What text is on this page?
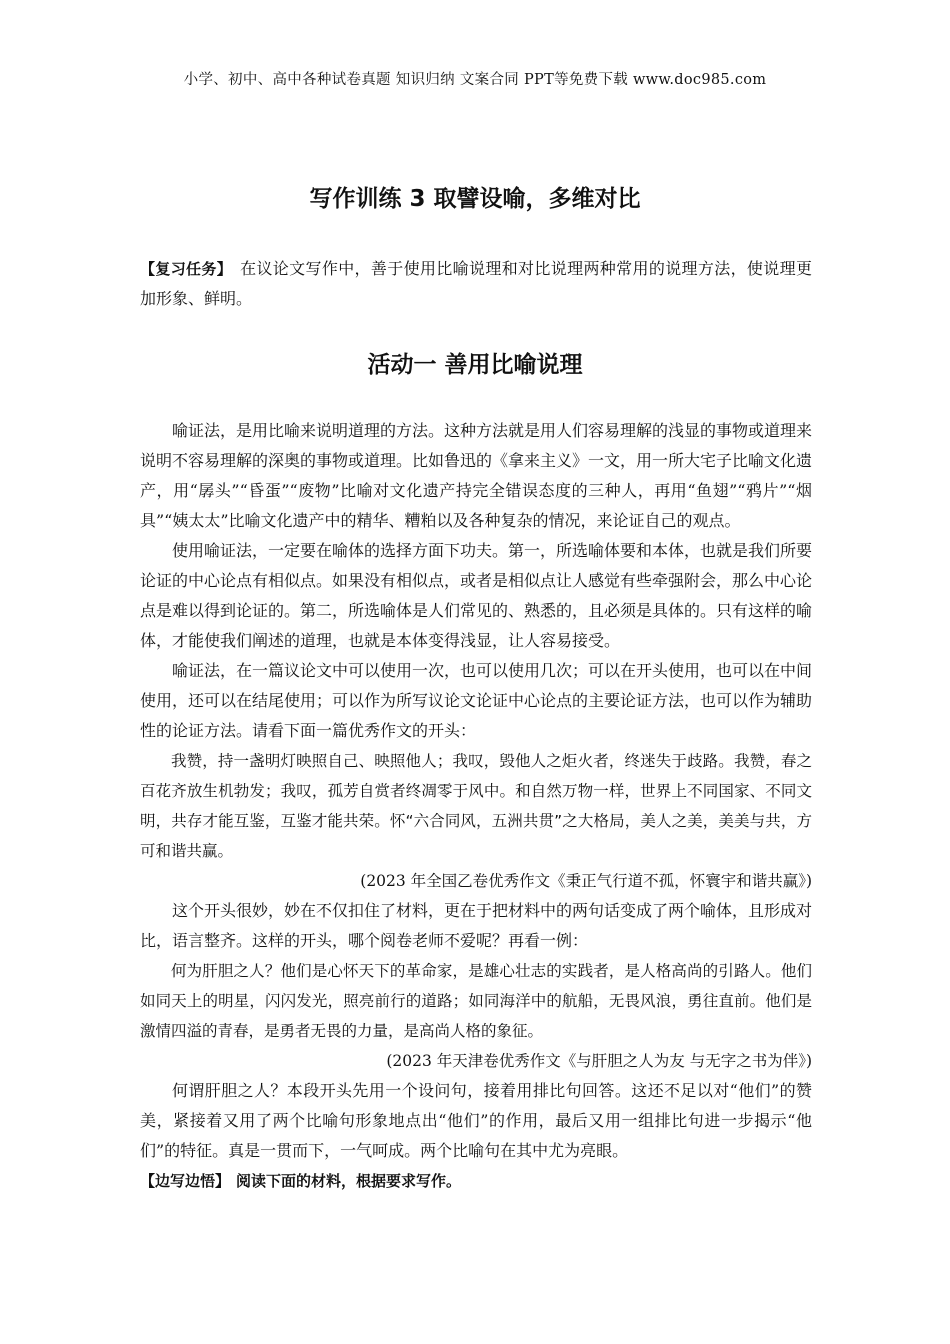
小学、初中、高中各种试卷真题 知识归纳 文案合同 PPT等免费下载 www.doc985.com
写作训练 3 取譬设喻，多维对比

【复习任务】 在议论文写作中，善于使用比喻说理和对比说理两种常用的说理方法，使说理更加形象、鲜明。

活动一 善用比喻说理

喻证法，是用比喻来说明道理的方法。这种方法就是用人们容易理解的浅显的事物或道理来说明不容易理解的深奥的事物或道理。比如鲁迅的《拿来主义》一文，用一所大宅子比喻文化遗产，用“孱头”“昏蛋”“废物”比喻对文化遗产持完全错误态度的三种人，再用“鱼翅”“鸦片”“烟具”“姨太太”比喻文化遗产中的精华、糟粕以及各种复杂的情况，来论证自己的观点。

使用喻证法，一定要在喻体的选择方面下功夫。第一，所选喻体要和本体，也就是我们所要论证的中心论点有相似点。如果没有相似点，或者是相似点让人感觉有些牵强附会，那么中心论点是难以得到论证的。第二，所选喻体是人们常见的、熟悉的，且必须是具体的。只有这样的喻体，才能使我们阐述的道理，也就是本体变得浅显，让人容易接受。

喻证法，在一篇议论文中可以使用一次，也可以使用几次；可以在开头使用，也可以在中间使用，还可以在结尾使用；可以作为所写议论文论证中心论点的主要论证方法，也可以作为辅助性的论证方法。请看下面一篇优秀作文的开头：

我赞，持一盏明灯映照自己、映照他人；我叹，毁他人之炬火者，终迷失于歧路。我赞，春之百花齐放生机勃发；我叹，孤芳自赏者终凋零于风中。和自然万物一样，世界上不同国家、不同文明，共存才能互鉴，互鉴才能共荣。怀“六合同风，五洲共贯”之大格局，美人之美，美美与共，方可和谐共赢。

(2023 年全国乙卷优秀作文《秉正气行道不孤，怀寰宇和谐共赢》)

这个开头很妙，妙在不仅扣住了材料，更在于把材料中的两句话变成了两个喻体，且形成对比，语言整齐。这样的开头，哪个阅卷老师不爱呢？再看一例：

何为肝胆之人？他们是心怀天下的革命家，是雄心壮志的实践者，是人格高尚的引路人。他们如同天上的明星，闪闪发光，照亮前行的道路；如同海洋中的航船，无畏风浪，勇往直前。他们是激情四溢的青春，是勇者无畏的力量，是高尚人格的象征。

(2023 年天津卷优秀作文《与肝胆之人为友 与无字之书为伴》)

何谓肝胆之人？本段开头先用一个设问句，接着用排比句回答。这还不足以对“他们”的赞美，紧接着又用了两个比喻句形象地点出“他们”的作用，最后又用一组排比句进一步揭示“他们”的特征。真是一贯而下，一气呵成。两个比喻句在其中尤为亮眼。

【边写边悟】 阅读下面的材料，根据要求写作。
